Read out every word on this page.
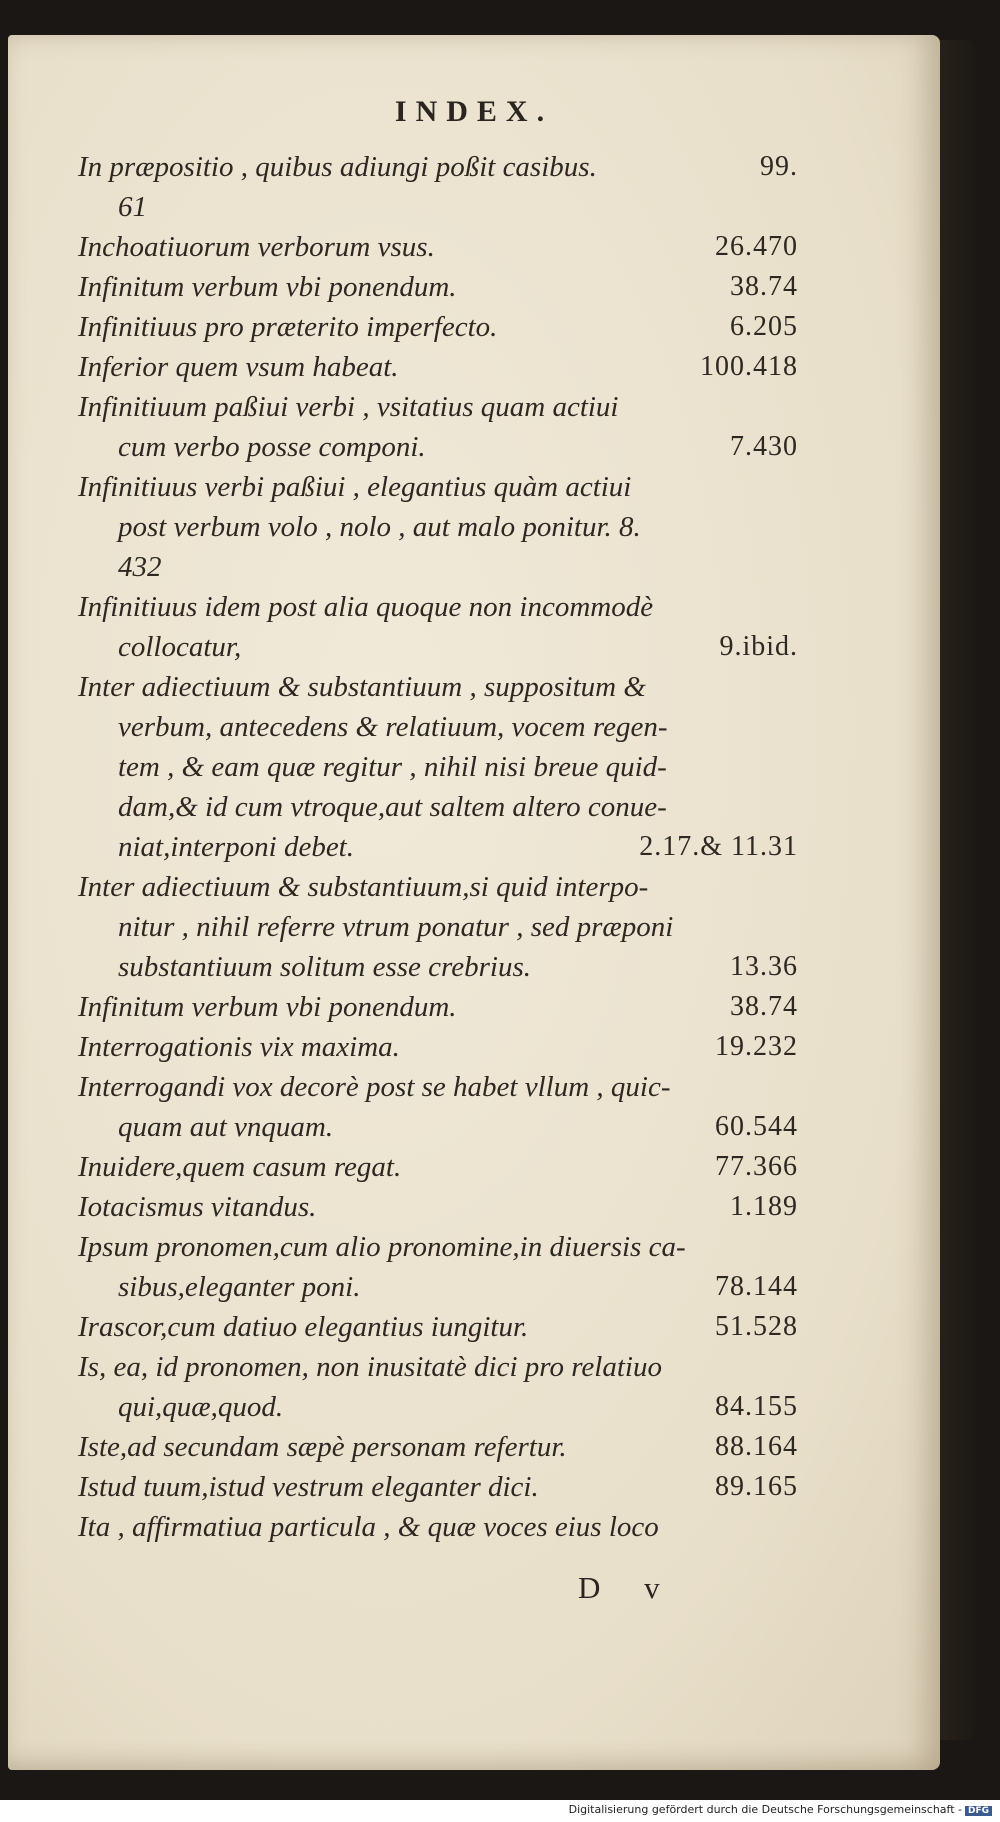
INDEX.
In præpositio , quibus adiungi poßit casibus.	99.
61
Inchoatiuorum verborum vsus.	26.470
Infinitum verbum vbi ponendum.	38.74
Infinitiuus pro præterito imperfecto.	6.205
Inferior quem vsum habeat.	100.418
Infinitiuum paßiui verbi , vsitatius quam actiui
cum verbo posse componi.	7.430
Infinitiuus verbi paßiui , elegantius quàm actiui
post verbum volo , nolo , aut malo ponitur. 8.
432
Infinitiuus idem post alia quoque non incommodè
collocatur,	9.ibid.
Inter adiectiuum & substantiuum , suppositum &
verbum, antecedens & relatiuum, vocem regen-
tem , & eam quæ regitur , nihil nisi breue quid-
dam,& id cum vtroque,aut saltem altero conue-
niat,interponi debet.	2.17.& 11.31
Inter adiectiuum & substantiuum,si quid interpo-
nitur , nihil referre vtrum ponatur , sed præponi
substantiuum solitum esse crebrius.	13.36
Infinitum verbum vbi ponendum.	38.74
Interrogationis vix maxima.	19.232
Interrogandi vox decorè post se habet vllum , quic-
quam aut vnquam.	60.544
Inuidere,quem casum regat.	77.366
Iotacismus vitandus.	1.189
Ipsum pronomen,cum alio pronomine,in diuersis ca-
sibus,eleganter poni.	78.144
Irascor,cum datiuo elegantius iungitur.	51.528
Is, ea, id pronomen, non inusitatè dici pro relatiuo
qui,quæ,quod.	84.155
Iste,ad secundam sæpè personam refertur.	88.164
Istud tuum,istud vestrum eleganter dici.	89.165
Ita , affirmatiua particula , & quæ voces eius loco
D v
Digitalisierung gefördert durch die Deutsche Forschungsgemeinschaft - DFG
